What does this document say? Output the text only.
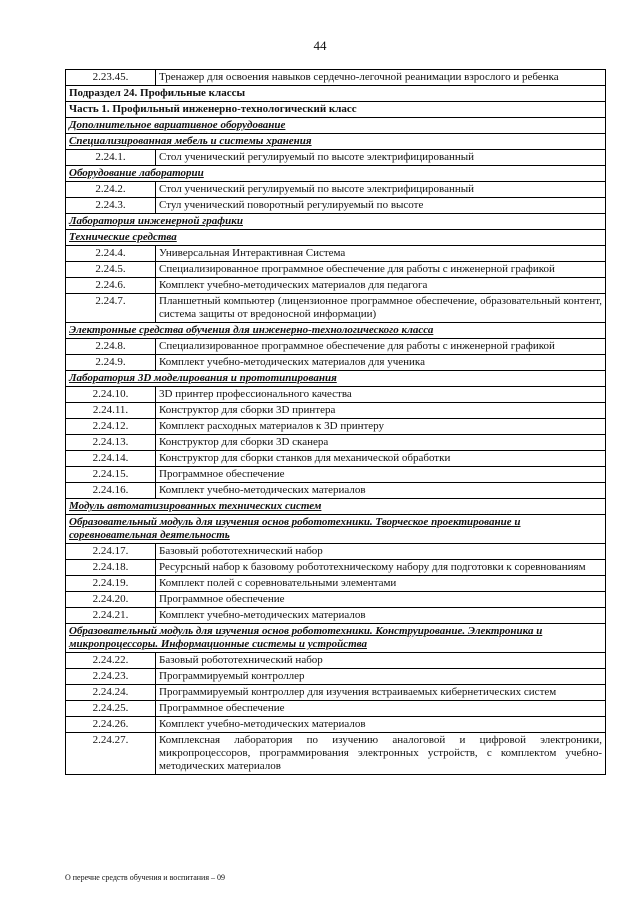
44
2.23.45.	Тренажер для освоения навыков сердечно-легочной реанимации взрослого и ребенка
Подраздел 24. Профильные классы	
Часть 1. Профильный инженерно-технологический класс	
Дополнительное вариативное оборудование	
Специализированная мебель и системы хранения	
2.24.1.	Стол ученический регулируемый по высоте электрифицированный
Оборудование лаборатории	
2.24.2.	Стол ученический регулируемый по высоте электрифицированный
2.24.3.	Стул ученический поворотный регулируемый по высоте
Лаборатория инженерной графики	
Технические средства	
2.24.4.	Универсальная Интерактивная Система
2.24.5.	Специализированное программное обеспечение для работы с инженерной графикой
2.24.6.	Комплект учебно-методических материалов для педагога
2.24.7.	Планшетный компьютер (лицензионное программное обеспечение, образовательный контент, система защиты от вредоносной информации)
Электронные средства обучения для инженерно-технологического класса	
2.24.8.	Специализированное программное обеспечение для работы с инженерной графикой
2.24.9.	Комплект учебно-методических материалов для ученика
Лаборатория 3D моделирования и прототипирования	
2.24.10.	3D принтер профессионального качества
2.24.11.	Конструктор для сборки 3D принтера
2.24.12.	Комплект расходных материалов к 3D принтеру
2.24.13.	Конструктор для сборки 3D сканера
2.24.14.	Конструктор для сборки станков для механической обработки
2.24.15.	Программное обеспечение
2.24.16.	Комплект учебно-методических материалов
Модуль автоматизированных технических систем	
Образовательный модуль для изучения основ робототехники. Творческое проектирование и соревновательная деятельность	
2.24.17.	Базовый робототехнический набор
2.24.18.	Ресурсный набор к базовому робототехническому набору для подготовки к соревнованиям
2.24.19.	Комплект полей с соревновательными элементами
2.24.20.	Программное обеспечение
2.24.21.	Комплект учебно-методических материалов
Образовательный модуль для изучения основ робототехники. Конструирование. Электроника и микропроцессоры. Информационные системы и устройства	
2.24.22.	Базовый робототехнический набор
2.24.23.	Программируемый контроллер
2.24.24.	Программируемый контроллер для изучения встраиваемых кибернетических систем
2.24.25.	Программное обеспечение
2.24.26.	Комплект учебно-методических материалов
2.24.27.	Комплексная лаборатория по изучению аналоговой и цифровой электроники, микропроцессоров, программирования электронных устройств, с комплектом учебно-методических материалов
О перечне средств обучения и воспитания – 09
